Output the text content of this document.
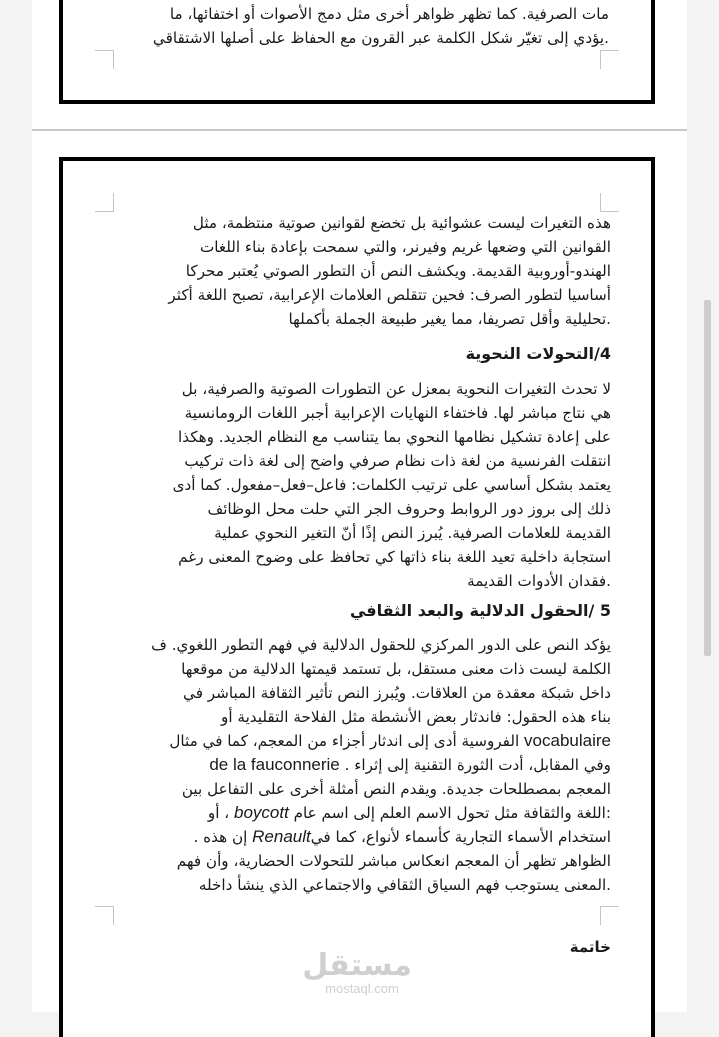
مات الصرفية. كما تظهر ظواهر أخرى مثل دمج الأصوات أو اختفائها، ما
.يؤدي إلى تغيّر شكل الكلمة عبر القرون مع الحفاظ على أصلها الاشتقاقي
هذه التغيرات ليست عشوائية بل تخضع لقوانين صوتية منتظمة، مثل
القوانين التي وضعها غريم وفيرنر، والتي سمحت بإعادة بناء اللغات
الهندو-أوروبية القديمة. ويكشف النص أن التطور الصوتي يُعتبر محركا
أساسيا لتطور الصرف: فحين تتقلص العلامات الإعرابية، تصبح اللغة أكثر
.تحليلية وأقل تصريفا، مما يغير طبيعة الجملة بأكملها
4/التحولات النحوية
لا تحدث التغيرات النحوية بمعزل عن التطورات الصوتية والصرفية، بل
هي نتاج مباشر لها. فاختفاء النهايات الإعرابية أجبر اللغات الرومانسية
على إعادة تشكيل نظامها النحوي بما يتناسب مع النظام الجديد. وهكذا
انتقلت الفرنسية من لغة ذات نظام صرفي واضح إلى لغة ذات تركيب
يعتمد بشكل أساسي على ترتيب الكلمات: فاعل–فعل–مفعول. كما أدى
ذلك إلى بروز دور الروابط وحروف الجر التي حلت محل الوظائف
القديمة للعلامات الصرفية. يُبرز النص إذًا أنّ التغير النحوي عملية
استجابة داخلية تعيد اللغة بناء ذاتها كي تحافظ على وضوح المعنى رغم
.فقدان الأدوات القديمة
5 /الحقول الدلالية والبعد الثقافي
يؤكد النص على الدور المركزي للحقول الدلالية في فهم التطور اللغوي. ف
الكلمة ليست ذات معنى مستقل، بل تستمد قيمتها الدلالية من موقعها
داخل شبكة معقدة من العلاقات. ويُبرز النص تأثير الثقافة المباشر في
بناء هذه الحقول: فاندثار بعض الأنشطة مثل الفلاحة التقليدية أو
vocabulaire الفروسية أدى إلى اندثار أجزاء من المعجم، كما في مثال
وفي المقابل، أدت الثورة التقنية إلى إثراء . de la fauconnerie
المعجم بمصطلحات جديدة. ويقدم النص أمثلة أخرى على التفاعل بين
:اللغة والثقافة مثل تحول الاسم العلم إلى اسم عام boycott ، أو
استخدام الأسماء التجارية كأسماء لأنواع، كما فيRenault إن هذه .
الظواهر تظهر أن المعجم انعكاس مباشر للتحولات الحضارية، وأن فهم
.المعنى يستوجب فهم السياق الثقافي والاجتماعي الذي ينشأ داخله
خاتمة
مستقل
mostaql.com
